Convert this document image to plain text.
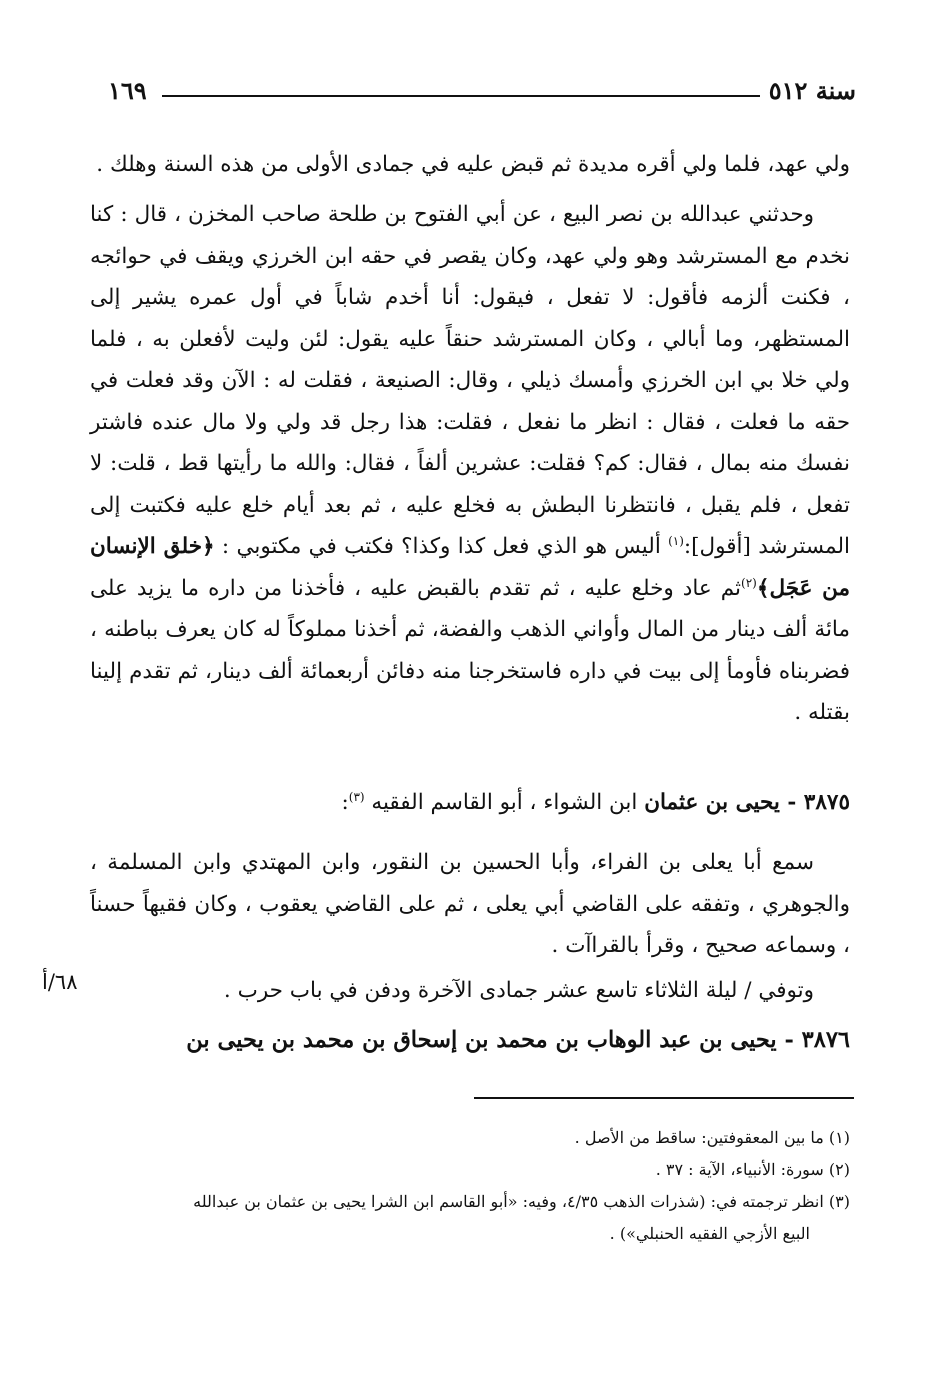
سنة ٥١٢
١٦٩
ولي عهد، فلما ولي أقره مديدة ثم قبض عليه في جمادى الأولى من هذه السنة وهلك .
وحدثني عبدالله بن نصر البيع ، عن أبي الفتوح بن طلحة صاحب المخزن ، قال : كنا نخدم مع المسترشد وهو ولي عهد، وكان يقصر في حقه ابن الخرزي ويقف في حوائجه ، فكنت ألزمه فأقول: لا تفعل ، فيقول: أنا أخدم شاباً في أول عمره يشير إلى المستظهر، وما أبالي ، وكان المسترشد حنقاً عليه يقول: لئن وليت لأفعلن به ، فلما ولي خلا بي ابن الخرزي وأمسك ذيلي ، وقال: الصنيعة ، فقلت له : الآن وقد فعلت في حقه ما فعلت ، فقال : انظر ما نفعل ، فقلت: هذا رجل قد ولي ولا مال عنده فاشتر نفسك منه بمال ، فقال: كم؟ فقلت: عشرين ألفاً ، فقال: والله ما رأيتها قط ، قلت: لا تفعل ، فلم يقبل ، فانتظرنا البطش به فخلع عليه ، ثم بعد أيام خلع عليه فكتبت إلى المسترشد [أقول]:$^{(١)}$ أليس هو الذي فعل كذا وكذا؟ فكتب في مكتوبي : ﴿خلق الإنسان من عَجَل﴾$^{(٢)}$ثم عاد وخلع عليه ، ثم تقدم بالقبض عليه ، فأخذنا من داره ما يزيد على مائة ألف دينار من المال وأواني الذهب والفضة، ثم أخذنا مملوكاً له كان يعرف بباطنه ، فضربناه فأومأ إلى بيت في داره فاستخرجنا منه دفائن أربعمائة ألف دينار، ثم تقدم إلينا بقتله .
٣٨٧٥ - يحيى بن عثمان ابن الشواء ، أبو القاسم الفقيه $^{(٣)}$:
سمع أبا يعلى بن الفراء، وأبا الحسين بن النقور، وابن المهتدي وابن المسلمة ، والجوهري ، وتفقه على القاضي أبي يعلى ، ثم على القاضي يعقوب ، وكان فقيهاً حسناً ، وسماعه صحيح ، وقرأ بالقراآت .
وتوفي / ليلة الثلاثاء تاسع عشر جمادى الآخرة ودفن في باب حرب .
٦٨/أ
٣٨٧٦ - يحيى بن عبد الوهاب بن محمد بن إسحاق بن محمد بن يحيى بن

(١) ما بين المعقوفتين: ساقط من الأصل .

(٢) سورة: الأنبياء، الآية : ٣٧ .

(٣) انظر ترجمته في: (شذرات الذهب ٤/٣٥، وفيه: «أبو القاسم ابن الشرا يحيى بن عثمان بن عبدالله

البيع الأزجي الفقيه الحنبلي») .
